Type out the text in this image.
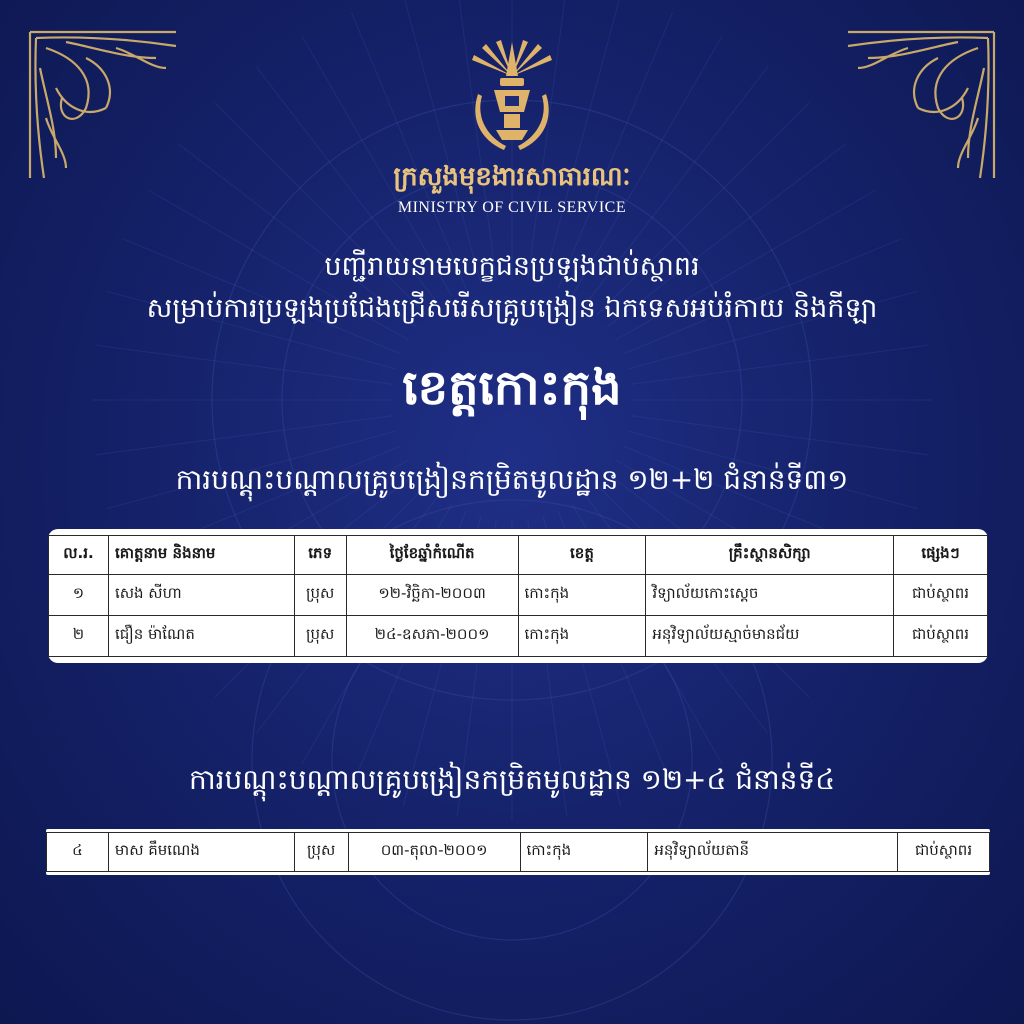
ក្រសួងមុខងារសាធារណៈ
MINISTRY OF CIVIL SERVICE
បញ្ជីរាយនាមបេក្ខជនប្រឡងជាប់ស្ថាពរ
សម្រាប់ការប្រឡងប្រជែងជ្រើសរើសគ្រូបង្រៀន ឯកទេសអប់រំកាយ និងកីឡា
ខេត្តកោះកុង
ការបណ្តុះបណ្តាលគ្រូបង្រៀនកម្រិតមូលដ្ឋាន ១២+២ ជំនាន់ទី៣១
ល.រ.	គោត្តនាម និងនាម	ភេទ	ថ្ងៃខែឆ្នាំកំណើត	ខេត្ត	គ្រឹះស្ថានសិក្សា	ផ្សេងៗ
១	សេង សីហា	ប្រុស	១២-វិច្ឆិកា-២០០៣	កោះកុង	វិទ្យាល័យកោះស្តេច	ជាប់ស្ថាពរ
២	ជឿន ម៉ាណែត	ប្រុស	២៤-ឧសភា-២០០១	កោះកុង	អនុវិទ្យាល័យស្មាច់មានជ័យ	ជាប់ស្ថាពរ
ការបណ្តុះបណ្តាលគ្រូបង្រៀនកម្រិតមូលដ្ឋាន ១២+៤ ជំនាន់ទី៤
៤	មាស គឹមណេង	ប្រុស	០៣-តុលា-២០០១	កោះកុង	អនុវិទ្យាល័យតានី	ជាប់ស្ថាពរ
